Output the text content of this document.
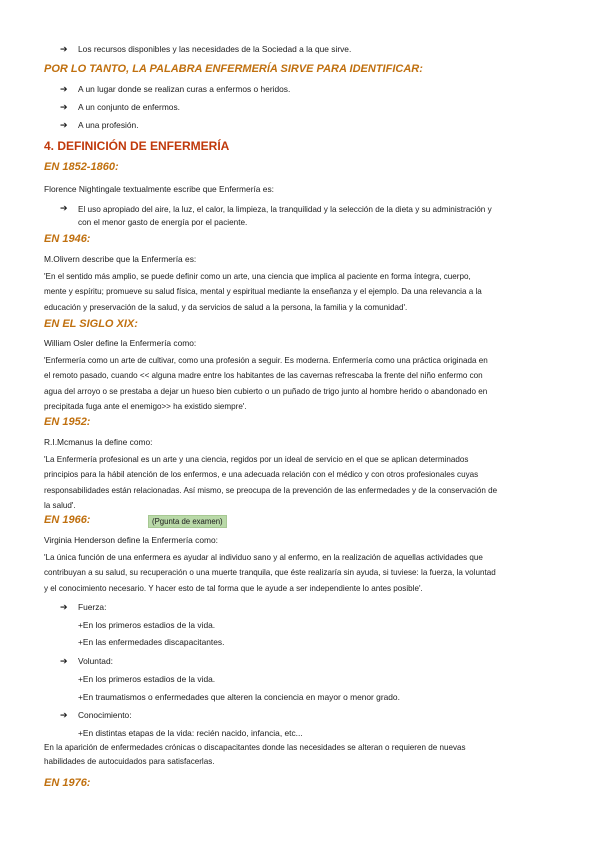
➔ Los recursos disponibles y las necesidades de la Sociedad a la que sirve.
POR LO TANTO, LA PALABRA ENFERMERÍA SIRVE PARA IDENTIFICAR:
➔ A un lugar donde se realizan curas a enfermos o heridos.
➔ A un conjunto de enfermos.
➔ A una profesión.
4. DEFINICIÓN DE ENFERMERÍA
EN 1852-1860:
Florence Nightingale textualmente escribe que Enfermería es:
➔ El uso apropiado del aire, la luz, el calor, la limpieza, la tranquilidad y la selección de la dieta y su administración y
con el menor gasto de energía por el paciente.
EN 1946:
M.Olivern describe que la Enfermería es:
'En el sentido más amplio, se puede definir como un arte, una ciencia que implica al paciente en forma íntegra, cuerpo,
mente y espíritu; promueve su salud física, mental y espiritual mediante la enseñanza y el ejemplo. Da una relevancia a la
educación y preservación de la salud, y da servicios de salud a la persona, la familia y la comunidad'.
EN EL SIGLO XIX:
William Osler define la Enfermería como:
'Enfermería como un arte de cultivar, como una profesión a seguir. Es moderna. Enfermería como una práctica originada en
el remoto pasado, cuando << alguna madre entre los habitantes de las cavernas refrescaba la frente del niño enfermo con
agua del arroyo o se prestaba a dejar un hueso bien cubierto o un puñado de trigo junto al hombre herido o abandonado en
precipitada fuga ante el enemigo>> ha existido siempre'.
EN 1952:
R.I.Mcmanus la define como:
'La Enfermería profesional es un arte y una ciencia, regidos por un ideal de servicio en el que se aplican determinados
principios para la hábil atención de los enfermos, e una adecuada relación con el médico y con otros profesionales cuyas
responsabilidades están relacionadas. Así mismo, se preocupa de la prevención de las enfermedades y de la conservación de
la salud'.
EN 1966:	(Pgunta de examen)
Virginia Henderson define la Enfermería como:
'La única función de una enfermera es ayudar al individuo sano y al enfermo, en la realización de aquellas actividades que
contribuyan a su salud, su recuperación o una muerte tranquila, que éste realizaría sin ayuda, si tuviese: la fuerza, la voluntad
y el conocimiento necesario. Y hacer esto de tal forma que le ayude a ser independiente lo antes posible'.
➔ Fuerza:
+En los primeros estadios de la vida.
+En las enfermedades discapacitantes.
➔ Voluntad:
+En los primeros estadios de la vida.
+En traumatismos o enfermedades que alteren la conciencia en mayor o menor grado.
➔ Conocimiento:
+En distintas etapas de la vida: recién nacido, infancia, etc...
En la aparición de enfermedades crónicas o discapacitantes donde las necesidades se alteran o requieren de nuevas
habilidades de autocuidados para satisfacerlas.
EN 1976:
